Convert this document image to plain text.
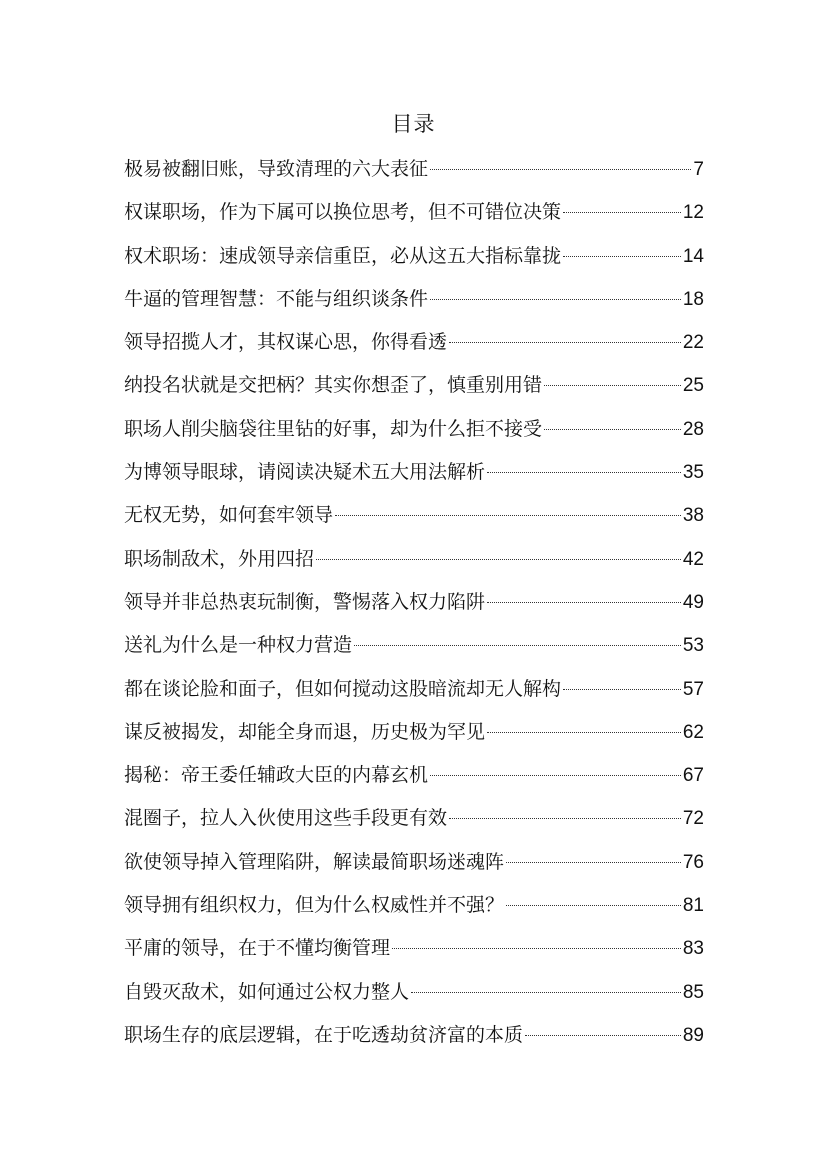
目录
极易被翻旧账，导致清理的六大表征	7
权谋职场，作为下属可以换位思考，但不可错位决策	12
权术职场：速成领导亲信重臣，必从这五大指标靠拢	14
牛逼的管理智慧：不能与组织谈条件	18
领导招揽人才，其权谋心思，你得看透	22
纳投名状就是交把柄？其实你想歪了，慎重别用错	25
职场人削尖脑袋往里钻的好事，却为什么拒不接受	28
为博领导眼球，请阅读决疑术五大用法解析	35
无权无势，如何套牢领导	38
职场制敌术，外用四招	42
领导并非总热衷玩制衡，警惕落入权力陷阱	49
送礼为什么是一种权力营造	53
都在谈论脸和面子，但如何搅动这股暗流却无人解构	57
谋反被揭发，却能全身而退，历史极为罕见	62
揭秘：帝王委任辅政大臣的内幕玄机	67
混圈子，拉人入伙使用这些手段更有效	72
欲使领导掉入管理陷阱，解读最简职场迷魂阵	76
领导拥有组织权力，但为什么权威性并不强？	81
平庸的领导，在于不懂均衡管理	83
自毁灭敌术，如何通过公权力整人	85
职场生存的底层逻辑，在于吃透劫贫济富的本质	89
